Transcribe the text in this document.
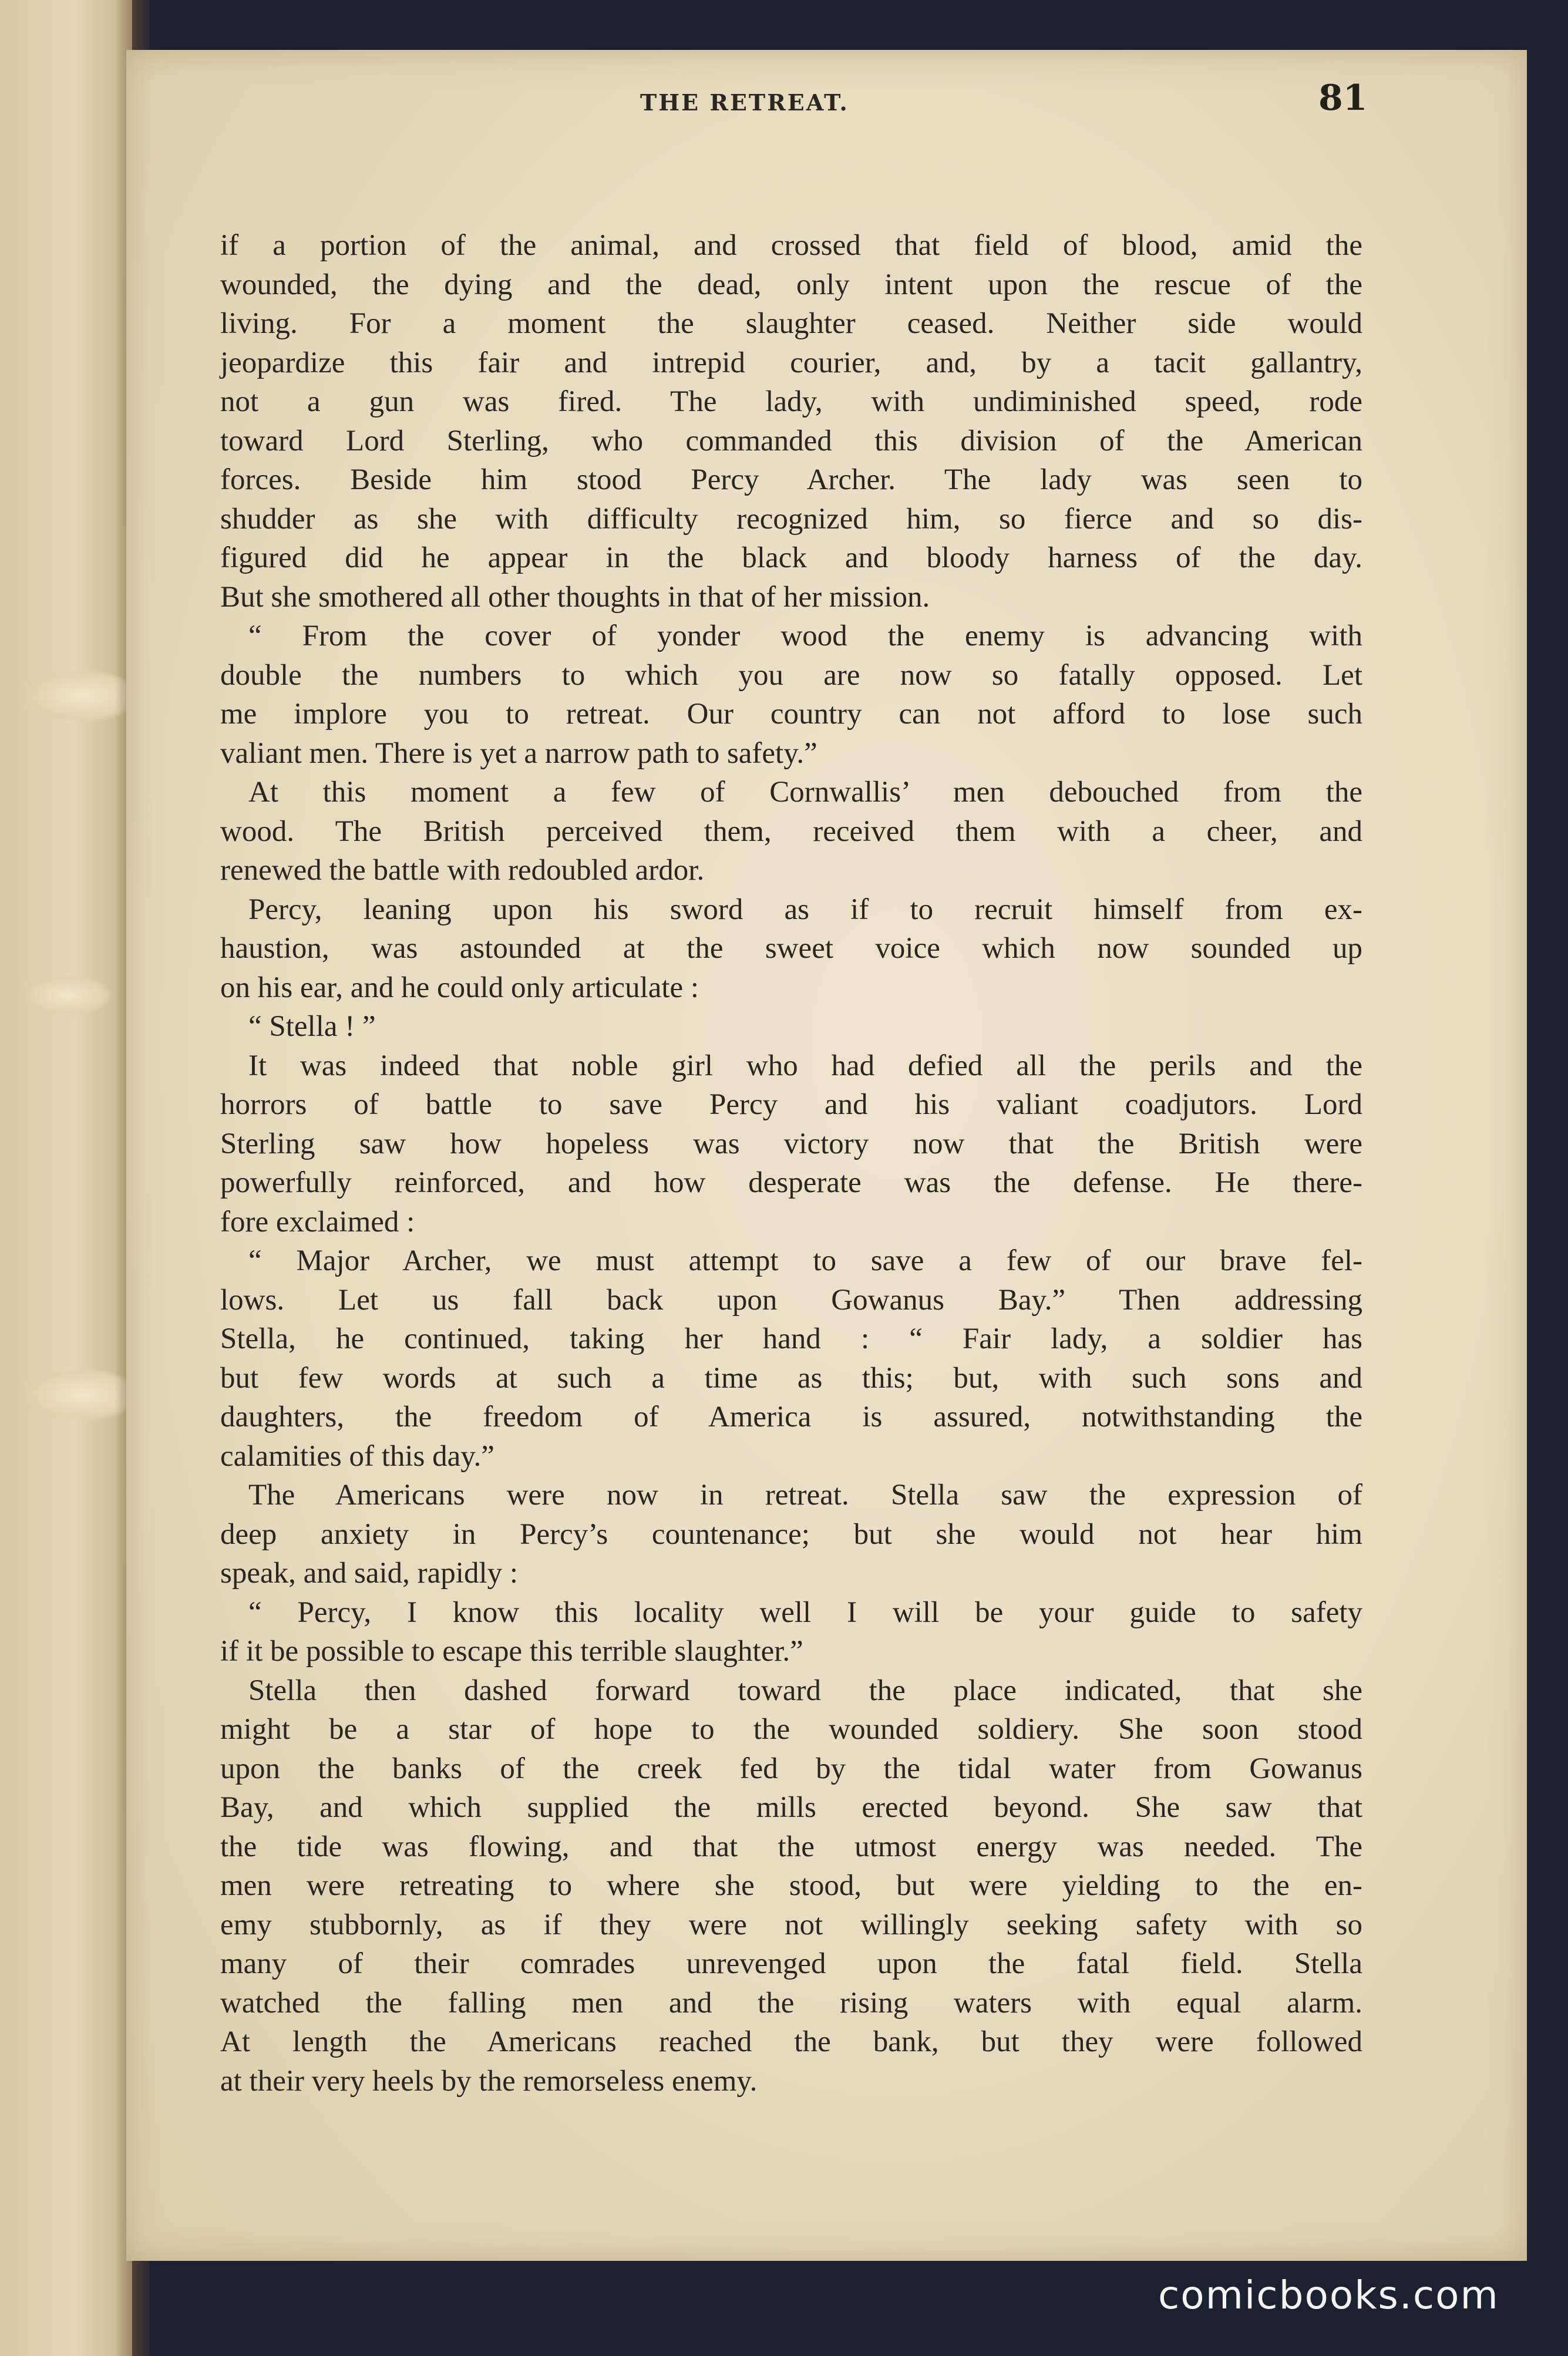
THE RETREAT.
if a portion of the animal, and crossed that field of blood, amid the
wounded, the dying and the dead, only intent upon the rescue of the
living. For a moment the slaughter ceased. Neither side would
jeopardize this fair and intrepid courier, and, by a tacit gallantry,
not a gun was fired. The lady, with undiminished speed, rode
toward Lord Sterling, who commanded this division of the American
forces. Beside him stood Percy Archer. The lady was seen to
shudder as she with difficulty recognized him, so fierce and so dis-
figured did he appear in the black and bloody harness of the day.
But she smothered all other thoughts in that of her mission.
“ From the cover of yonder wood the enemy is advancing with
double the numbers to which you are now so fatally opposed. Let
me implore you to retreat. Our country can not afford to lose such
valiant men. There is yet a narrow path to safety.”
At this moment a few of Cornwallis’ men debouched from the
wood. The British perceived them, received them with a cheer, and
renewed the battle with redoubled ardor.
Percy, leaning upon his sword as if to recruit himself from ex-
haustion, was astounded at the sweet voice which now sounded up
on his ear, and he could only articulate :
“ Stella ! ”
It was indeed that noble girl who had defied all the perils and the
horrors of battle to save Percy and his valiant coadjutors. Lord
Sterling saw how hopeless was victory now that the British were
powerfully reinforced, and how desperate was the defense. He there-
fore exclaimed :
“ Major Archer, we must attempt to save a few of our brave fel-
lows. Let us fall back upon Gowanus Bay.” Then addressing
Stella, he continued, taking her hand : “ Fair lady, a soldier has
but few words at such a time as this; but, with such sons and
daughters, the freedom of America is assured, notwithstanding the
calamities of this day.”
The Americans were now in retreat. Stella saw the expression of
deep anxiety in Percy’s countenance; but she would not hear him
speak, and said, rapidly :
“ Percy, I know this locality well I will be your guide to safety
if it be possible to escape this terrible slaughter.”
Stella then dashed forward toward the place indicated, that she
might be a star of hope to the wounded soldiery. She soon stood
upon the banks of the creek fed by the tidal water from Gowanus
Bay, and which supplied the mills erected beyond. She saw that
the tide was flowing, and that the utmost energy was needed. The
men were retreating to where she stood, but were yielding to the en-
emy stubbornly, as if they were not willingly seeking safety with so
many of their comrades unrevenged upon the fatal field. Stella
watched the falling men and the rising waters with equal alarm.
At length the Americans reached the bank, but they were followed
at their very heels by the remorseless enemy.
comicbooks.com
